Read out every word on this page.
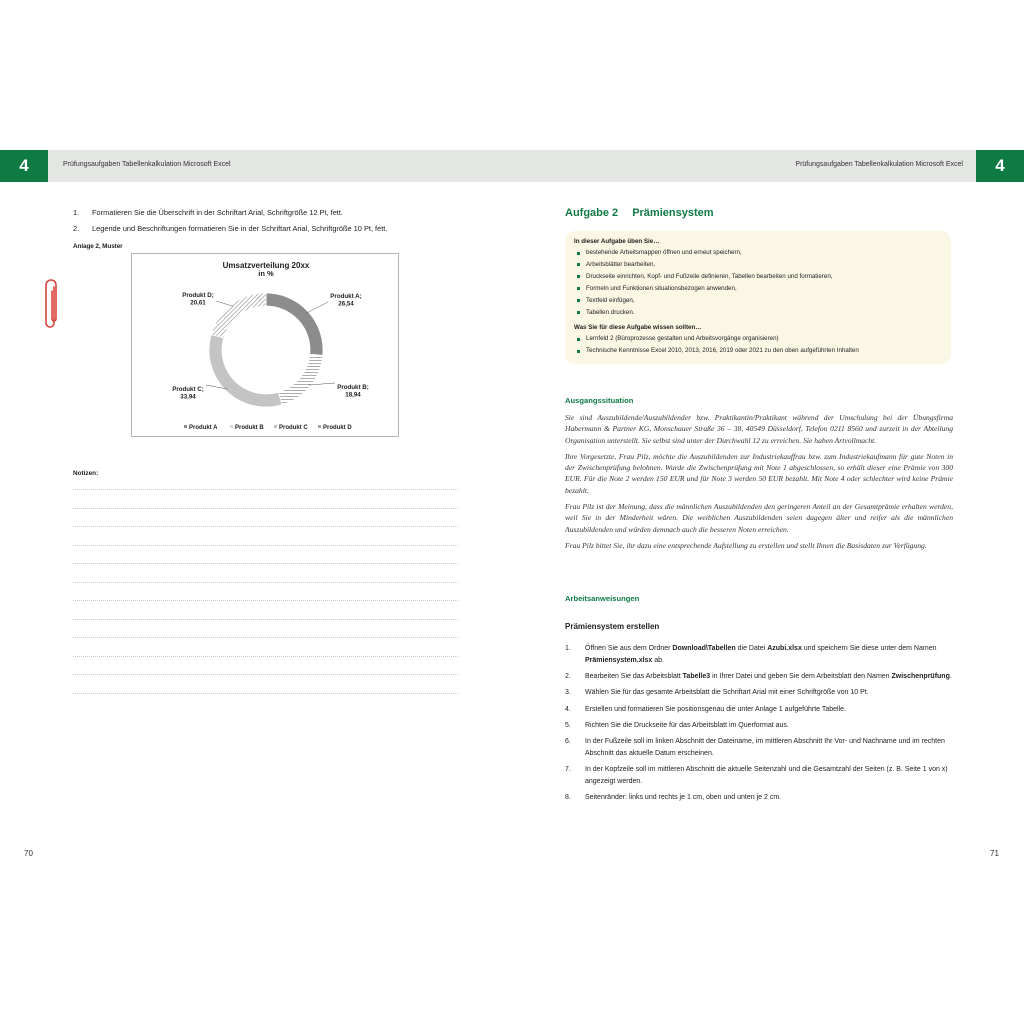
4	4
Prüfungsaufgaben Tabellenkalkulation Microsoft Excel	Prüfungsaufgaben Tabellenkalkulation Microsoft Excel
1.	Formatieren Sie die Überschrift in der Schriftart Arial, Schriftgröße 12 Pt, fett.
2.	Legende und Beschriftungen formatieren Sie in der Schriftart Arial, Schriftgröße 10 Pt, fett.
Anlage 2, Muster
Umsatzverteilung 20xx
in %
Produkt A; 26,54
Produkt B; 18,94
Produkt C; 33,94
Produkt D; 20,61
Produkt A	Produkt B	Produkt C	Produkt D
Notizen:
70
Aufgabe 2 Prämiensystem
In dieser Aufgabe üben Sie…
bestehende Arbeitsmappen öffnen und erneut speichern,
Arbeitsblätter bearbeiten,
Druckseite einrichten, Kopf- und Fußzeile definieren, Tabellen bearbeiten und formatieren,
Formeln und Funktionen situationsbezogen anwenden,
Textfeld einfügen,
Tabellen drucken.
Was Sie für diese Aufgabe wissen sollten…
Lernfeld 2 (Büroprozesse gestalten und Arbeitsvorgänge organisieren)
Technische Kenntnisse Excel 2010, 2013, 2016, 2019 oder 2021 zu den oben aufgeführten Inhalten
Ausgangssituation

Sie sind Auszubildende/Auszubildender bzw. Praktikantin/Praktikant während der Umschulung bei der Übungsfirma Habermann & Partner KG, Monschauer Straße 36 – 38, 40549 Düsseldorf, Telefon 0211 8560 und zurzeit in der Abteilung Organisation unterstellt. Sie selbst sind unter der Durchwahl 12 zu erreichen. Sie haben Artvollmacht.

Ihre Vorgesetzte, Frau Pilz, möchte die Auszubildenden zur Industriekauffrau bzw. zum Industriekaufmann für gute Noten in der Zwischenprüfung belohnen. Wurde die Zwischenprüfung mit Note 1 abgeschlossen, so erhält dieser eine Prämie von 300 EUR. Für die Note 2 werden 150 EUR und für Note 3 werden 50 EUR bezahlt. Mit Note 4 oder schlechter wird keine Prämie bezahlt.

Frau Pilz ist der Meinung, dass die männlichen Auszubildenden den geringeren Anteil an der Gesamtprämie erhalten werden, weil Sie in der Minderheit wären. Die weiblichen Auszubildenden seien dagegen älter und reifer als die männlichen Auszubildenden und würden demnach auch die besseren Noten erreichen.

Frau Pilz bittet Sie, ihr dazu eine entsprechende Aufstellung zu erstellen und stellt Ihnen die Basisdaten zur Verfügung.

Arbeitsanweisungen
Prämiensystem erstellen
1.	Öffnen Sie aus dem Ordner Download\Tabellen die Datei Azubi.xlsx und speichern Sie diese unter dem Namen Prämiensystem.xlsx ab.
2.	Bearbeiten Sie das Arbeitsblatt Tabelle3 in Ihrer Datei und geben Sie dem Arbeitsblatt den Namen Zwischenprüfung.
3.	Wählen Sie für das gesamte Arbeitsblatt die Schriftart Arial mit einer Schriftgröße von 10 Pt.
4.	Erstellen und formatieren Sie positionsgenau die unter Anlage 1 aufgeführte Tabelle.
5.	Richten Sie die Druckseite für das Arbeitsblatt im Querformat aus.
6.	In der Fußzeile soll im linken Abschnitt der Dateiname, im mittleren Abschnitt Ihr Vor- und Nachname und im rechten Abschnitt das aktuelle Datum erscheinen.
7.	In der Kopfzeile soll im mittleren Abschnitt die aktuelle Seitenzahl und die Gesamtzahl der Seiten (z. B. Seite 1 von x) angezeigt werden.
8.	Seitenränder: links und rechts je 1 cm, oben und unten je 2 cm.
71
